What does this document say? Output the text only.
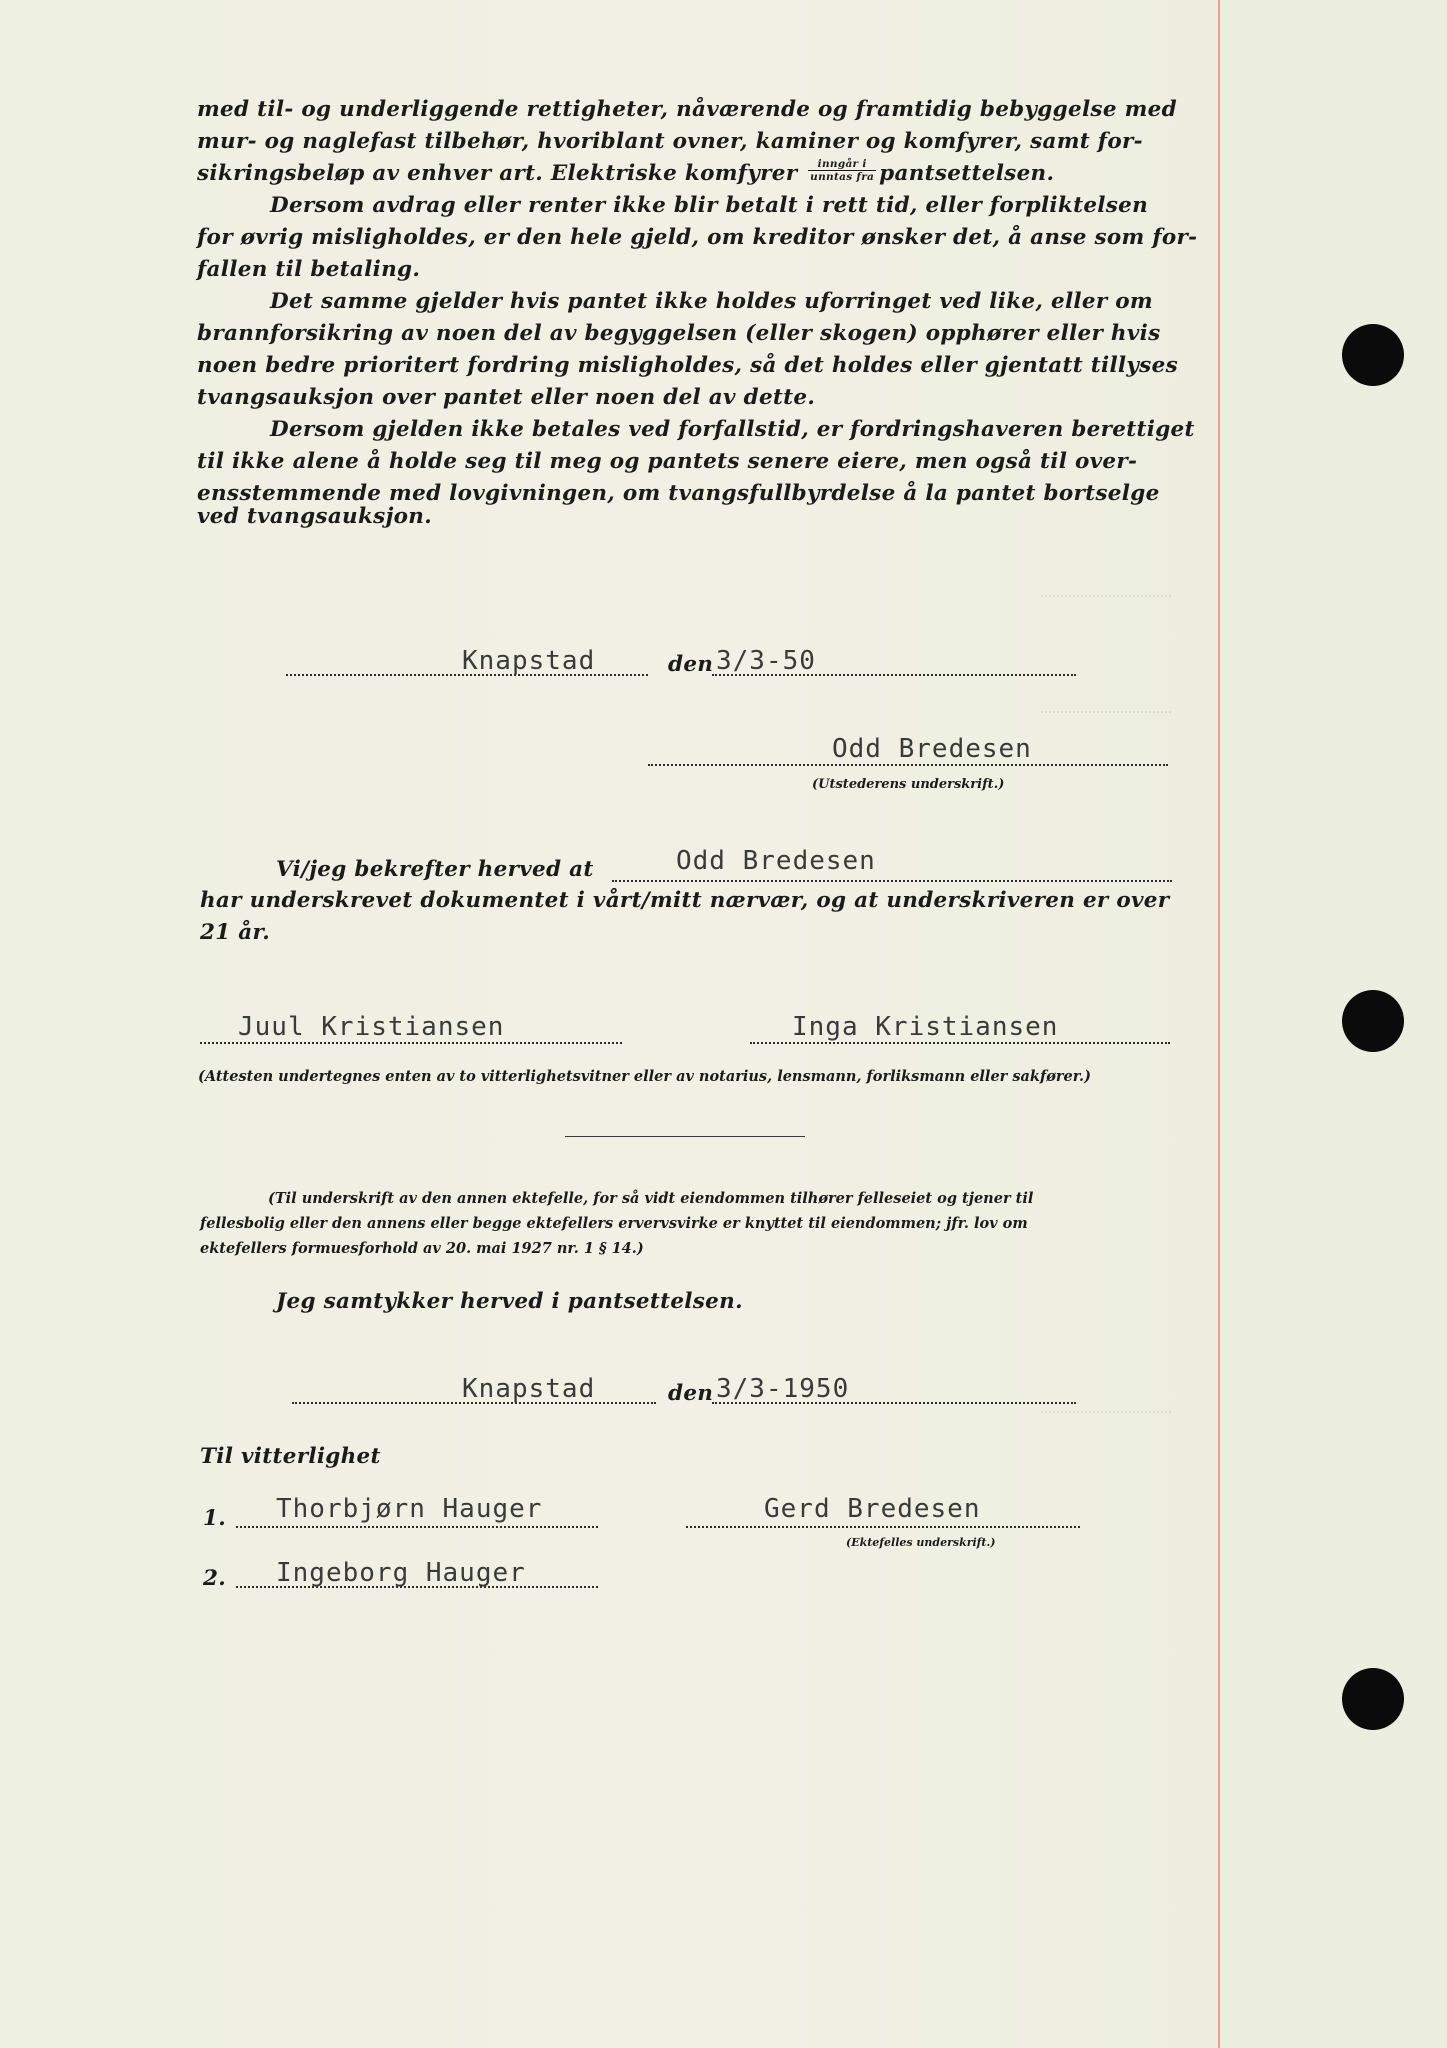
.................................
.................................
.................................
med til- og underliggende rettigheter, nåværende og framtidig bebyggelse med
mur- og naglefast tilbehør, hvoriblant ovner, kaminer og komfyrer, samt for-
sikringsbeløp av enhver art. Elektriske komfyrer $\frac{\text{inngår i}}{\text{unntas fra}}$ pantsettelsen.
Dersom avdrag eller renter ikke blir betalt i rett tid, eller forpliktelsen
for øvrig misligholdes, er den hele gjeld, om kreditor ønsker det, å anse som for-
fallen til betaling.
Det samme gjelder hvis pantet ikke holdes uforringet ved like, eller om
brannforsikring av noen del av begyggelsen (eller skogen) opphører eller hvis
noen bedre prioritert fordring misligholdes, så det holdes eller gjentatt tillyses
tvangsauksjon over pantet eller noen del av dette.
Dersom gjelden ikke betales ved forfallstid, er fordringshaveren berettiget
til ikke alene å holde seg til meg og pantets senere eiere, men også til over-
ensstemmende med lovgivningen, om tvangsfullbyrdelse å la pantet bortselge
ved tvangsauksjon.
Knapstad	den 3/3-50
Odd Bredesen
(Utstederens underskrift.)
Vi/jeg bekrefter herved at	Odd Bredesen
har underskrevet dokumentet i vårt/mitt nærvær, og at underskriveren er over
21 år.
Juul Kristiansen	Inga Kristiansen
(Attesten undertegnes enten av to vitterlighetsvitner eller av notarius, lensmann, forliksmann eller sakfører.)
(Til underskrift av den annen ektefelle, for så vidt eiendommen tilhører felleseiet og tjener til
fellesbolig eller den annens eller begge ektefellers ervervsvirke er knyttet til eiendommen; jfr. lov om
ektefellers formuesforhold av 20. mai 1927 nr. 1 § 14.)
Jeg samtykker herved i pantsettelsen.
Knapstad	den 3/3-1950
Til vitterlighet
1. Thorbjørn Hauger
2. Ingeborg Hauger
Gerd Bredesen
(Ektefelles underskrift.)
